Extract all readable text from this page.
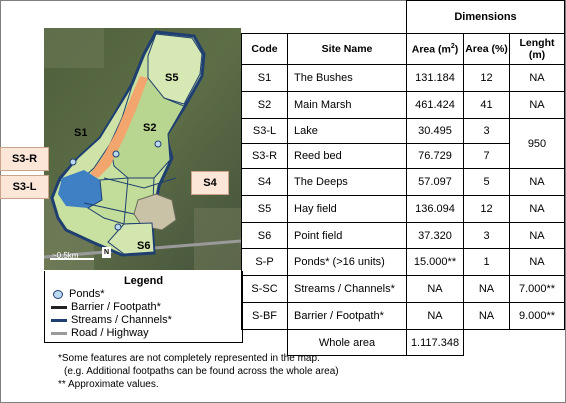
S1	S2
S5
S6
S3-R
S3-L	S4
~0.5km	N
Legend
Ponds*
Barrier / Footpath*
Streams / Channels*
Road / Highway
		Dimensions		
Code	Site Name	Area $(m^2)$	Area (%)	Lenght (m)
S1	The Bushes	131.184	12	NA
S2	Main Marsh	461.424	41	NA
S3-L	Lake	30.495	3	950
S3-R	Reed bed	76.729	7	
S4	The Deeps	57.097	5	NA
S5	Hay field	136.094	12	NA
S6	Point field	37.320	3	NA
S-P	Ponds* (>16 units)	15.000**	1	NA
S-SC	Streams / Channels*	NA	NA	7.000**
S-BF	Barrier / Footpath*	NA	NA	9.000**
	Whole area	1.117.348		
*Some features are not completely represented in the map.
(e.g. Additional footpaths can be found across the whole area)
** Approximate values.
